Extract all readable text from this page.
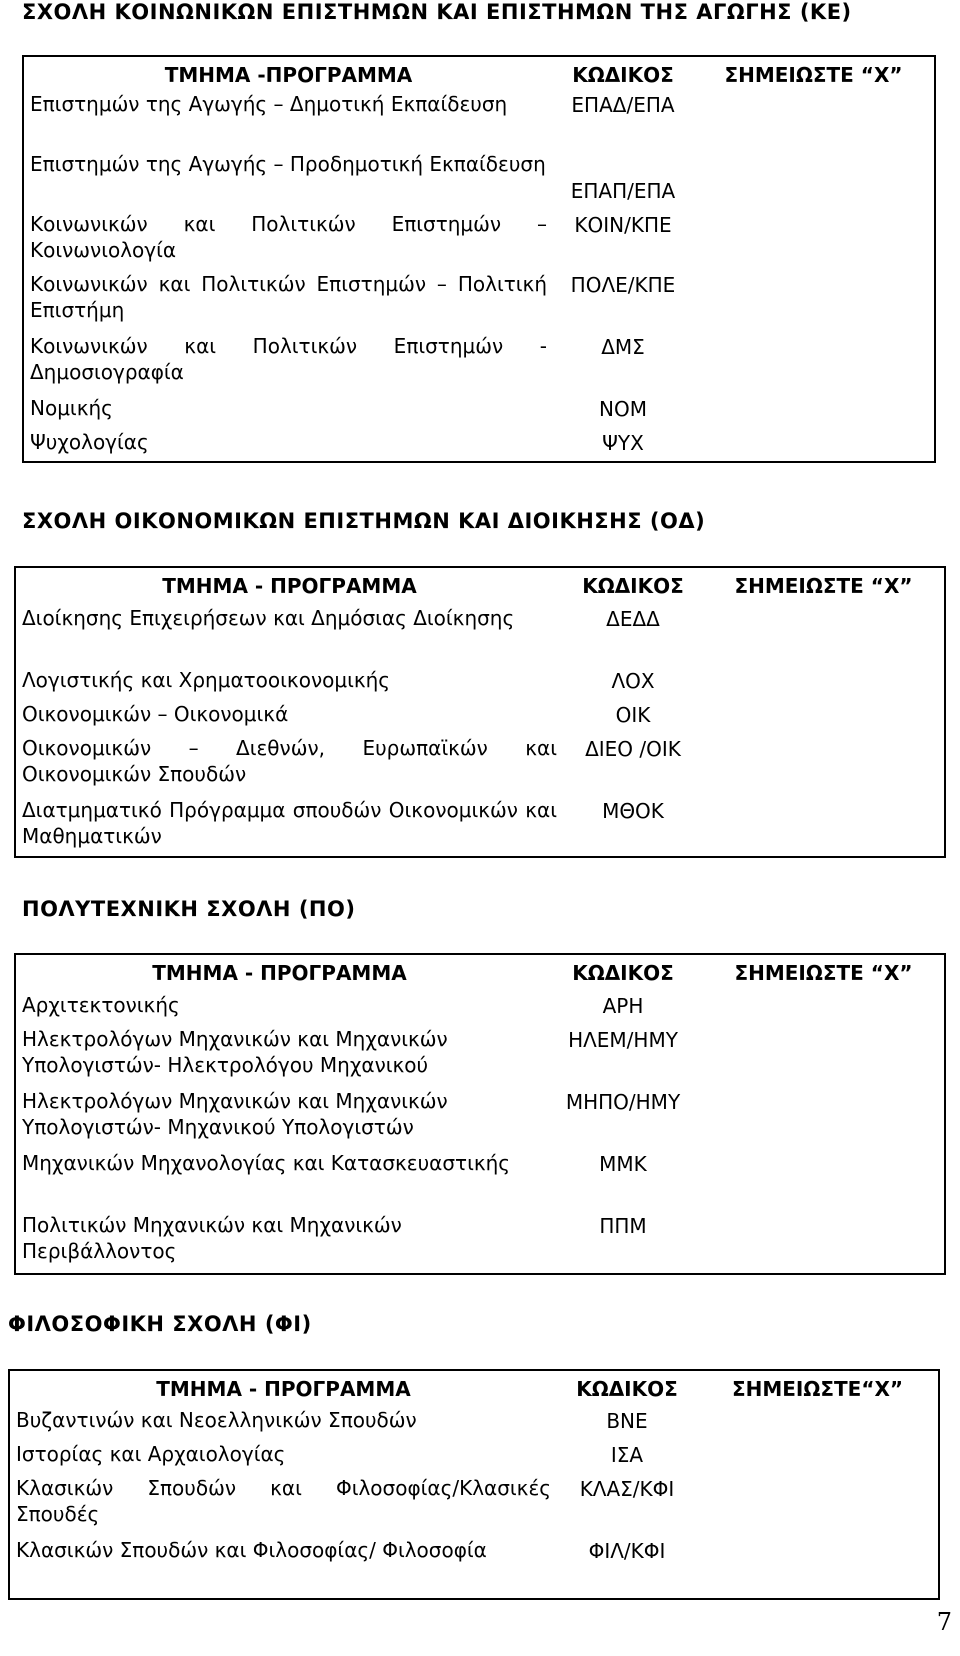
ΣΧΟΛΗ ΚΟΙΝΩΝΙΚΩΝ ΕΠΙΣΤΗΜΩΝ ΚΑΙ ΕΠΙΣΤΗΜΩΝ ΤΗΣ ΑΓΩΓΗΣ (ΚΕ)
ΤΜΗΜΑ -ΠΡΟΓΡΑΜΜΑ	ΚΩΔΙΚΟΣ	ΣΗΜΕΙΩΣΤΕ “Χ”
Επιστημών της Αγωγής – Δημοτική Εκπαίδευση	ΕΠΑΔ/ΕΠΑ	
Επιστημών της Αγωγής – Προδημοτική Εκπαίδευση	ΕΠΑΠ/ΕΠΑ	
Κοινωνικών και Πολιτικών Επιστημών – Κοινωνιολογία	ΚΟΙΝ/ΚΠΕ	
Κοινωνικών και Πολιτικών Επιστημών – Πολιτική Επιστήμη	ΠΟΛΕ/ΚΠΕ	
Κοινωνικών και Πολιτικών Επιστημών - Δημοσιογραφία	ΔΜΣ	
Νομικής	ΝΟΜ	
Ψυχολογίας	ΨΥΧ	
ΣΧΟΛΗ ΟΙΚΟΝΟΜΙΚΩΝ ΕΠΙΣΤΗΜΩΝ ΚΑΙ ΔΙΟΙΚΗΣΗΣ (ΟΔ)
ΤΜΗΜΑ - ΠΡΟΓΡΑΜΜΑ	ΚΩΔΙΚΟΣ	ΣΗΜΕΙΩΣΤΕ “Χ”
Διοίκησης Επιχειρήσεων και Δημόσιας Διοίκησης	ΔΕΔΔ	
Λογιστικής και Χρηματοοικονομικής	ΛΟΧ	
Οικονομικών – Οικονομικά	ΟΙΚ	
Οικονομικών – Διεθνών, Ευρωπαϊκών και Οικονομικών Σπουδών	ΔΙΕΟ /ΟΙΚ	
Διατμηματικό Πρόγραμμα σπουδών Οικονομικών και Μαθηματικών	ΜΘΟΚ	
ΠΟΛΥΤΕΧΝΙΚΗ ΣΧΟΛΗ (ΠΟ)
ΤΜΗΜΑ - ΠΡΟΓΡΑΜΜΑ	ΚΩΔΙΚΟΣ	ΣΗΜΕΙΩΣΤΕ “Χ”
Αρχιτεκτονικής	ΑΡΗ	
Ηλεκτρολόγων Μηχανικών και Μηχανικών Υπολογιστών- Ηλεκτρολόγου Μηχανικού	ΗΛΕΜ/ΗΜΥ	
Ηλεκτρολόγων Μηχανικών και Μηχανικών Υπολογιστών- Μηχανικού Υπολογιστών	ΜΗΠΟ/ΗΜΥ	
Μηχανικών Μηχανολογίας και Κατασκευαστικής	ΜΜΚ	
Πολιτικών Μηχανικών και Μηχανικών Περιβάλλοντος	ΠΠΜ	
ΦΙΛΟΣΟΦΙΚΗ ΣΧΟΛΗ (ΦΙ)
ΤΜΗΜΑ - ΠΡΟΓΡΑΜΜΑ	ΚΩΔΙΚΟΣ	ΣΗΜΕΙΩΣΤΕ“Χ”
Βυζαντινών και Νεοελληνικών Σπουδών	ΒΝΕ	
Ιστορίας και Αρχαιολογίας	ΙΣΑ	
Κλασικών Σπουδών και Φιλοσοφίας/Κλασικές Σπουδές	ΚΛΑΣ/ΚΦΙ	
Κλασικών Σπουδών και Φιλοσοφίας/ Φιλοσοφία	ΦΙΛ/ΚΦΙ	
7
